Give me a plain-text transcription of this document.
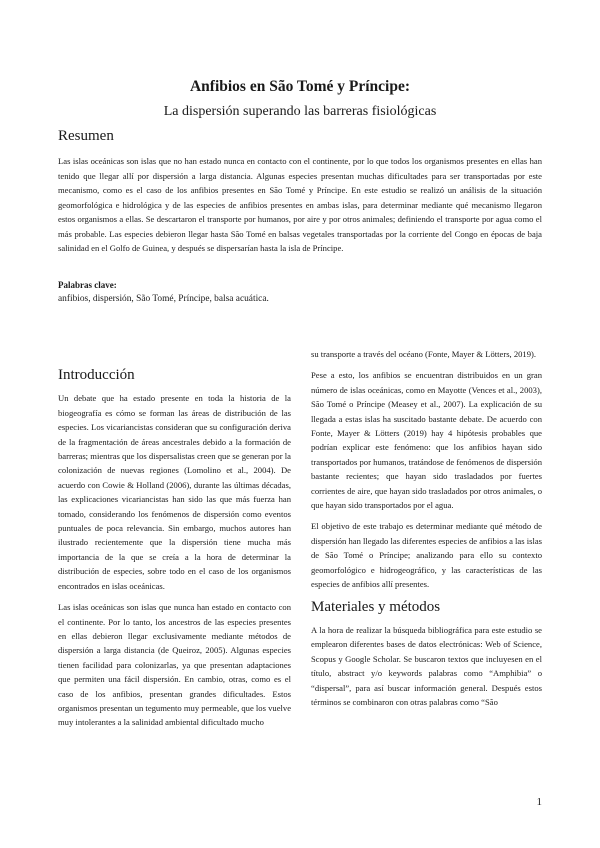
Anfibios en São Tomé y Príncipe:
La dispersión superando las barreras fisiológicas
Resumen

Las islas oceánicas son islas que no han estado nunca en contacto con el continente, por lo que todos los organismos presentes en ellas han tenido que llegar allí por dispersión a larga distancia. Algunas especies presentan muchas dificultades para ser transportadas por este mecanismo, como es el caso de los anfibios presentes en São Tomé y Príncipe. En este estudio se realizó un análisis de la situación geomorfológica e hidrológica y de las especies de anfibios presentes en ambas islas, para determinar mediante qué mecanismo llegaron estos organismos a ellas. Se descartaron el transporte por humanos, por aire y por otros animales; definiendo el transporte por agua como el más probable. Las especies debieron llegar hasta São Tomé en balsas vegetales transportadas por la corriente del Congo en épocas de baja salinidad en el Golfo de Guinea, y después se dispersarían hasta la isla de Príncipe.

Palabras clave:
anfibios, dispersión, São Tomé, Príncipe, balsa acuática.
Introducción

Un debate que ha estado presente en toda la historia de la biogeografía es cómo se forman las áreas de distribución de las especies. Los vicariancistas consideran que su configuración deriva de la fragmentación de áreas ancestrales debido a la formación de barreras; mientras que los dispersalistas creen que se generan por la colonización de nuevas regiones (Lomolino et al., 2004). De acuerdo con Cowie & Holland (2006), durante las últimas décadas, las explicaciones vicariancistas han sido las que más fuerza han tomado, considerando los fenómenos de dispersión como eventos puntuales de poca relevancia. Sin embargo, muchos autores han ilustrado recientemente que la dispersión tiene mucha más importancia de la que se creía a la hora de determinar la distribución de especies, sobre todo en el caso de los organismos encontrados en islas oceánicas.

Las islas oceánicas son islas que nunca han estado en contacto con el continente. Por lo tanto, los ancestros de las especies presentes en ellas debieron llegar exclusivamente mediante métodos de dispersión a larga distancia (de Queiroz, 2005). Algunas especies tienen facilidad para colonizarlas, ya que presentan adaptaciones que permiten una fácil dispersión. En cambio, otras, como es el caso de los anfibios, presentan grandes dificultades. Estos organismos presentan un tegumento muy permeable, que los vuelve muy intolerantes a la salinidad ambiental dificultado mucho

su transporte a través del océano (Fonte, Mayer & Lötters, 2019).

Pese a esto, los anfibios se encuentran distribuidos en un gran número de islas oceánicas, como en Mayotte (Vences et al., 2003), São Tomé o Príncipe (Measey et al., 2007). La explicación de su llegada a estas islas ha suscitado bastante debate. De acuerdo con Fonte, Mayer & Lötters (2019) hay 4 hipótesis probables que podrían explicar este fenómeno: que los anfibios hayan sido transportados por humanos, tratándose de fenómenos de dispersión bastante recientes; que hayan sido trasladados por fuertes corrientes de aire, que hayan sido trasladados por otros animales, o que hayan sido transportados por el agua.

El objetivo de este trabajo es determinar mediante qué método de dispersión han llegado las diferentes especies de anfibios a las islas de São Tomé o Príncipe; analizando para ello su contexto geomorfológico e hidrogeográfico, y las características de las especies de anfibios allí presentes.

Materiales y métodos

A la hora de realizar la búsqueda bibliográfica para este estudio se emplearon diferentes bases de datos electrónicas: Web of Science, Scopus y Google Scholar. Se buscaron textos que incluyesen en el título, abstract y/o keywords palabras como “Amphibia” o “dispersal”, para así buscar información general. Después estos términos se combinaron con otras palabras como “São

1
